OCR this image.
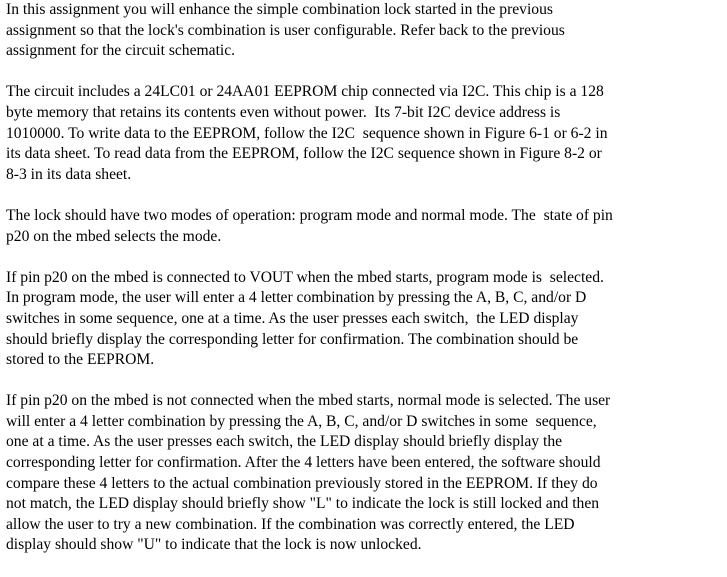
In this assignment you will enhance the simple combination lock started in the previous
assignment so that the lock's combination is user configurable. Refer back to the previous
assignment for the circuit schematic.

The circuit includes a 24LC01 or 24AA01 EEPROM chip connected via I2C. This chip is a 128
byte memory that retains its contents even without power.  Its 7-bit I2C device address is
1010000. To write data to the EEPROM, follow the I2C  sequence shown in Figure 6-1 or 6-2 in
its data sheet. To read data from the EEPROM, follow the I2C sequence shown in Figure 8-2 or
8-3 in its data sheet.

The lock should have two modes of operation: program mode and normal mode. The  state of pin
p20 on the mbed selects the mode.

If pin p20 on the mbed is connected to VOUT when the mbed starts, program mode is  selected.
In program mode, the user will enter a 4 letter combination by pressing the A, B, C, and/or D
switches in some sequence, one at a time. As the user presses each switch,  the LED display
should briefly display the corresponding letter for confirmation. The combination should be
stored to the EEPROM.

If pin p20 on the mbed is not connected when the mbed starts, normal mode is selected. The user
will enter a 4 letter combination by pressing the A, B, C, and/or D switches in some  sequence,
one at a time. As the user presses each switch, the LED display should briefly display the
corresponding letter for confirmation. After the 4 letters have been entered, the software should
compare these 4 letters to the actual combination previously stored in the EEPROM. If they do
not match, the LED display should briefly show "L" to indicate the lock is still locked and then
allow the user to try a new combination. If the combination was correctly entered, the LED
display should show "U" to indicate that the lock is now unlocked.
